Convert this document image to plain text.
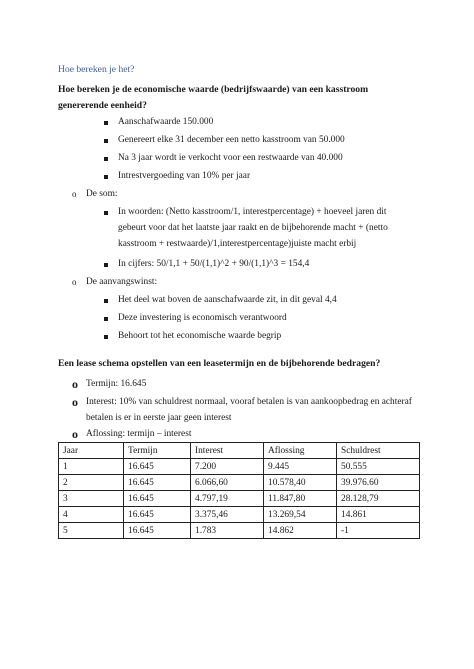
Hoe bereken je het?
Hoe bereken je de economische waarde (bedrijfswaarde) van een kasstroom
genererende eenheid?
Aanschafwaarde 150.000
Genereert elke 31 december een netto kasstroom van 50.000
Na 3 jaar wordt ie verkocht voor een restwaarde van 40.000
Intrestvergoeding van 10% per jaar
o De som:
In woorden: (Netto kasstroom/1, interestpercentage) + hoeveel jaren dit
gebeurt voor dat het laatste jaar raakt en de bijbehorende macht + (netto
kasstroom + restwaarde)/1,interestpercentage)juiste macht erbij
In cijfers: 50/1,1 + 50/(1,1)^2 + 90/(1,1)^3 = 154,4
o De aanvangswinst:
Het deel wat boven de aanschafwaarde zit, in dit geval 4,4
Deze investering is economisch verantwoord
Behoort tot het economische waarde begrip
Een lease schema opstellen van een leasetermijn en de bijbehorende bedragen?
o Termijn: 16.645
o Interest: 10% van schuldrest normaal, vooraf betalen is van aankoopbedrag en achteraf
betalen is er in eerste jaar geen interest
o Aflossing: termijn – interest
Jaar	Termijn	Interest	Aflossing	Schuldrest
1	16.645	7.200	9.445	50.555
2	16.645	6.066,60	10.578,40	39.976.60
3	16.645	4.797,19	11.847,80	28.128,79
4	16.645	3.375,46	13.269,54	14.861
5	16.645	1.783	14.862	-1
